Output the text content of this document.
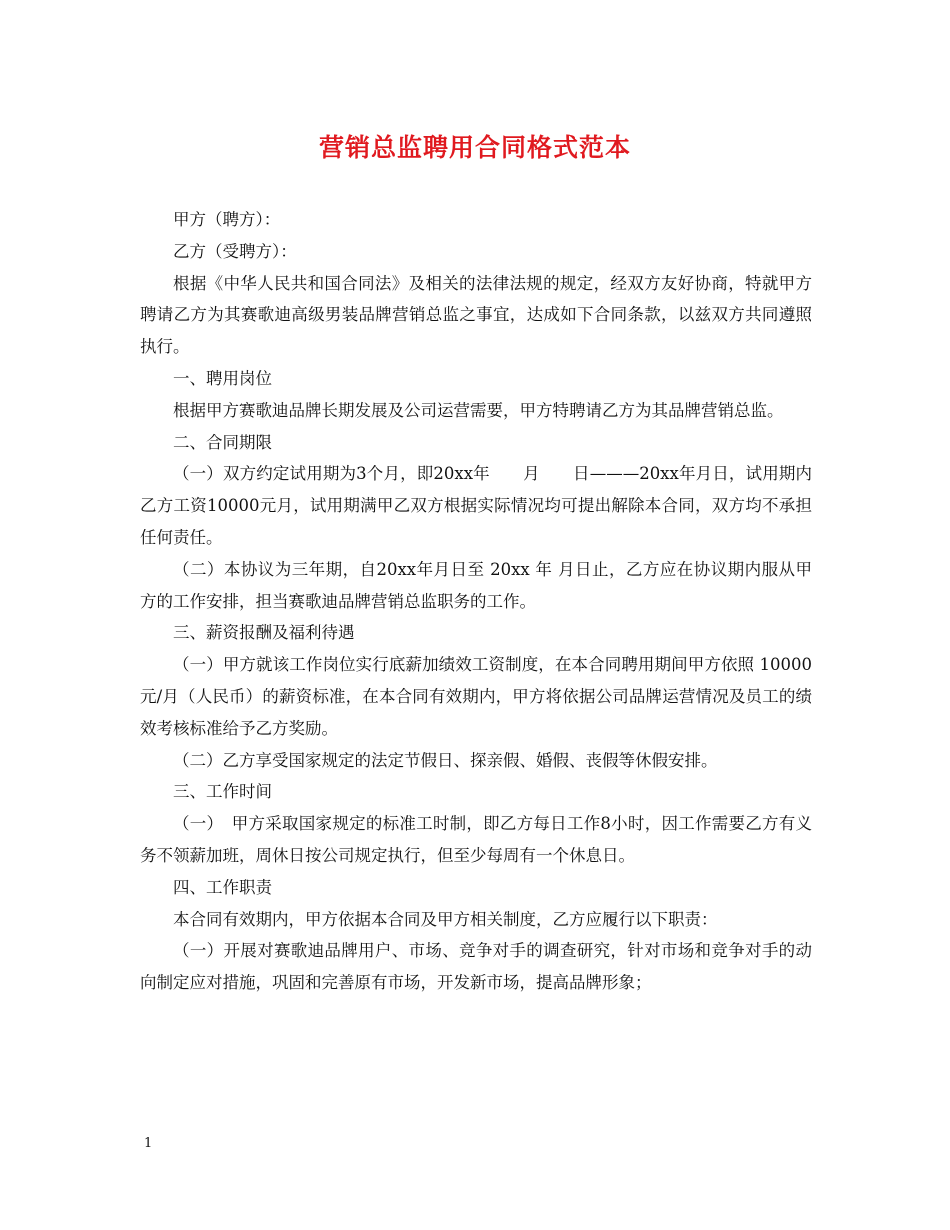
营销总监聘用合同格式范本

甲方（聘方）：

乙方（受聘方）：

根据《中华人民共和国合同法》及相关的法律法规的规定，经双方友好协商，特就甲方聘请乙方为其赛歌迪高级男装品牌营销总监之事宜，达成如下合同条款，以兹双方共同遵照执行。

一、聘用岗位

根据甲方赛歌迪品牌长期发展及公司运营需要，甲方特聘请乙方为其品牌营销总监。

二、合同期限

（一）双方约定试用期为3个月，即20xx年　　月　　日———20xx年月日，试用期内乙方工资10000元月，试用期满甲乙双方根据实际情况均可提出解除本合同，双方均不承担任何责任。

（二）本协议为三年期，自20xx年月日至 20xx 年 月日止，乙方应在协议期内服从甲方的工作安排，担当赛歌迪品牌营销总监职务的工作。

三、薪资报酬及福利待遇

（一）甲方就该工作岗位实行底薪加绩效工资制度，在本合同聘用期间甲方依照 10000元/月（人民币）的薪资标准，在本合同有效期内，甲方将依据公司品牌运营情况及员工的绩效考核标准给予乙方奖励。

（二）乙方享受国家规定的法定节假日、探亲假、婚假、丧假等休假安排。

三、工作时间

（一）　甲方采取国家规定的标准工时制，即乙方每日工作8小时，因工作需要乙方有义务不领薪加班，周休日按公司规定执行，但至少每周有一个休息日。

四、工作职责

本合同有效期内，甲方依据本合同及甲方相关制度，乙方应履行以下职责：

（一）开展对赛歌迪品牌用户、市场、竞争对手的调查研究，针对市场和竞争对手的动向制定应对措施，巩固和完善原有市场，开发新市场，提高品牌形象；

1
